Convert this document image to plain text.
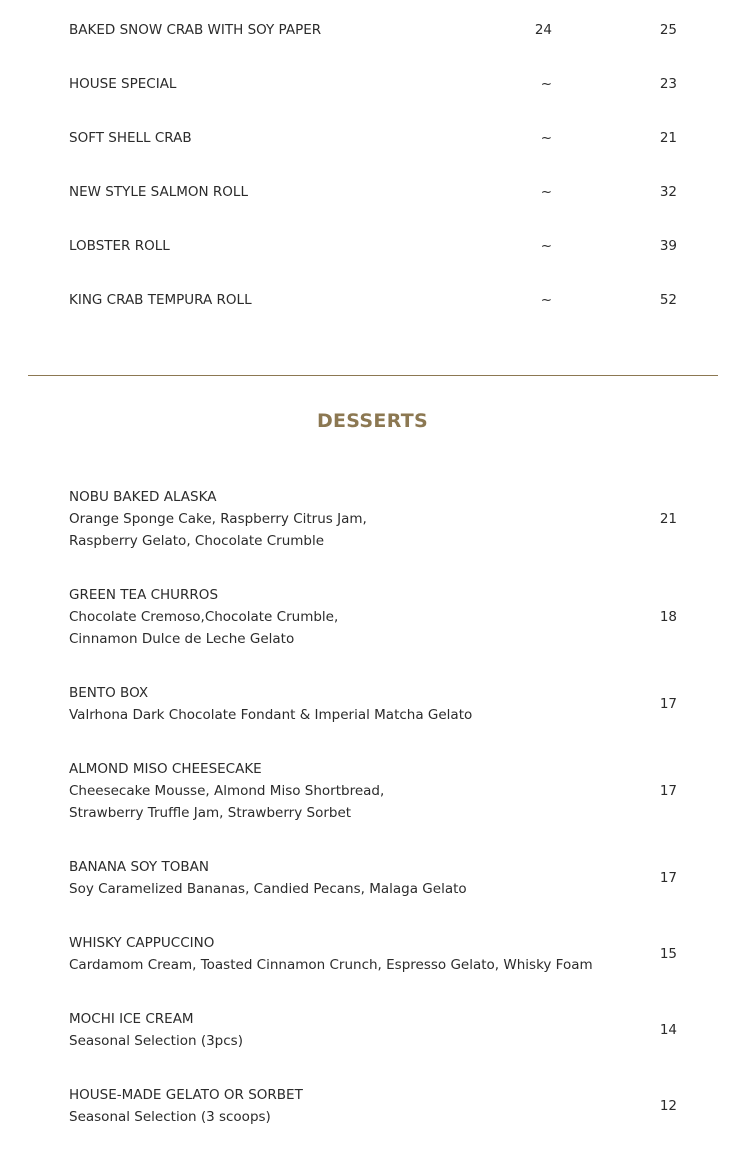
BAKED SNOW CRAB WITH SOY PAPER	24	25
HOUSE SPECIAL	~	23
SOFT SHELL CRAB	~	21
NEW STYLE SALMON ROLL	~	32
LOBSTER ROLL	~	39
KING CRAB TEMPURA ROLL	~	52
DESSERTS
NOBU BAKED ALASKA
Orange Sponge Cake, Raspberry Citrus Jam,
Raspberry Gelato, Chocolate Crumble
21
GREEN TEA CHURROS
Chocolate Cremoso,Chocolate Crumble,
Cinnamon Dulce de Leche Gelato
18
BENTO BOX
Valrhona Dark Chocolate Fondant & Imperial Matcha Gelato
17
ALMOND MISO CHEESECAKE
Cheesecake Mousse, Almond Miso Shortbread,
Strawberry Truffle Jam, Strawberry Sorbet
17
BANANA SOY TOBAN
Soy Caramelized Bananas, Candied Pecans, Malaga Gelato
17
WHISKY CAPPUCCINO
Cardamom Cream, Toasted Cinnamon Crunch, Espresso Gelato, Whisky Foam
15
MOCHI ICE CREAM
Seasonal Selection (3pcs)
14
HOUSE-MADE GELATO OR SORBET
Seasonal Selection (3 scoops)
12
